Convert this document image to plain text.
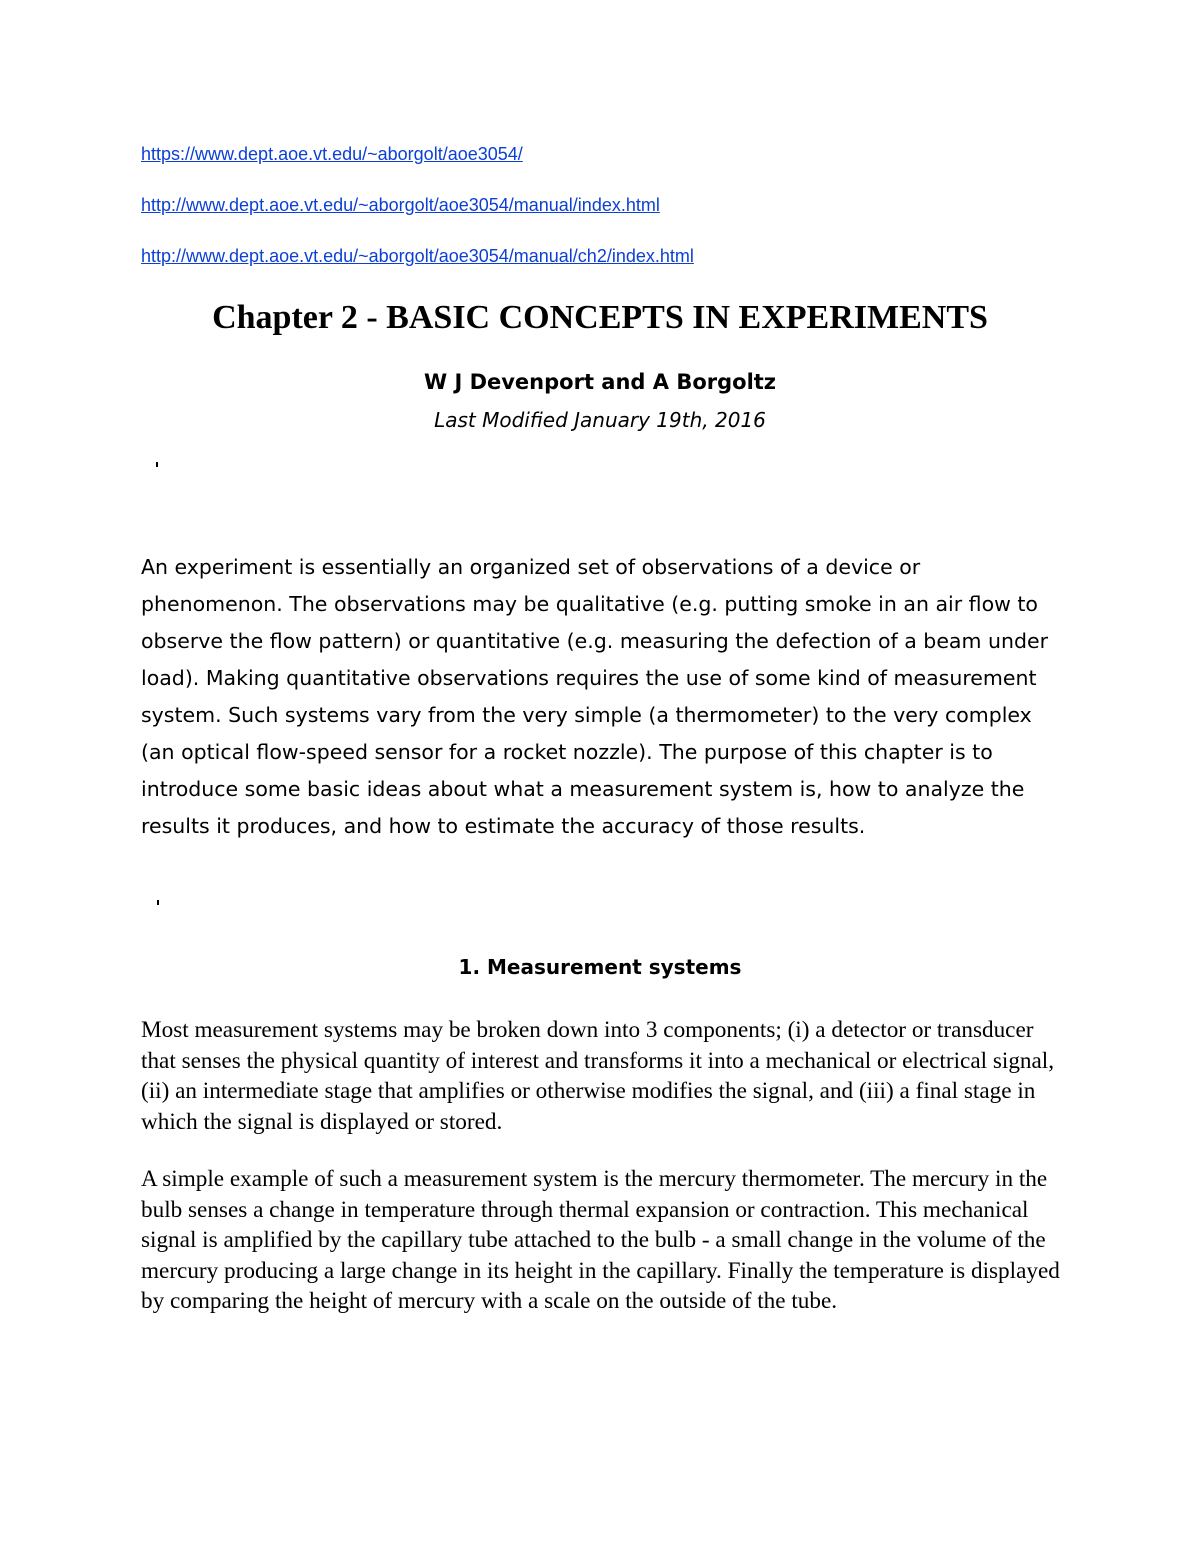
https://www.dept.aoe.vt.edu/~aborgolt/aoe3054/
http://www.dept.aoe.vt.edu/~aborgolt/aoe3054/manual/index.html
http://www.dept.aoe.vt.edu/~aborgolt/aoe3054/manual/ch2/index.html
Chapter 2 - BASIC CONCEPTS IN EXPERIMENTS
W J Devenport and A Borgoltz
Last Modified January 19th, 2016

An experiment is essentially an organized set of observations of a device or phenomenon. The observations may be qualitative (e.g. putting smoke in an air flow to observe the flow pattern) or quantitative (e.g. measuring the defection of a beam under load). Making quantitative observations requires the use of some kind of measurement system. Such systems vary from the very simple (a thermometer) to the very complex (an optical flow-speed sensor for a rocket nozzle). The purpose of this chapter is to introduce some basic ideas about what a measurement system is, how to analyze the results it produces, and how to estimate the accuracy of those results.

1. Measurement systems

Most measurement systems may be broken down into 3 components; (i) a detector or transducer that senses the physical quantity of interest and transforms it into a mechanical or electrical signal, (ii) an intermediate stage that amplifies or otherwise modifies the signal, and (iii) a final stage in which the signal is displayed or stored.

A simple example of such a measurement system is the mercury thermometer. The mercury in the bulb senses a change in temperature through thermal expansion or contraction. This mechanical signal is amplified by the capillary tube attached to the bulb - a small change in the volume of the mercury producing a large change in its height in the capillary. Finally the temperature is displayed by comparing the height of mercury with a scale on the outside of the tube.
